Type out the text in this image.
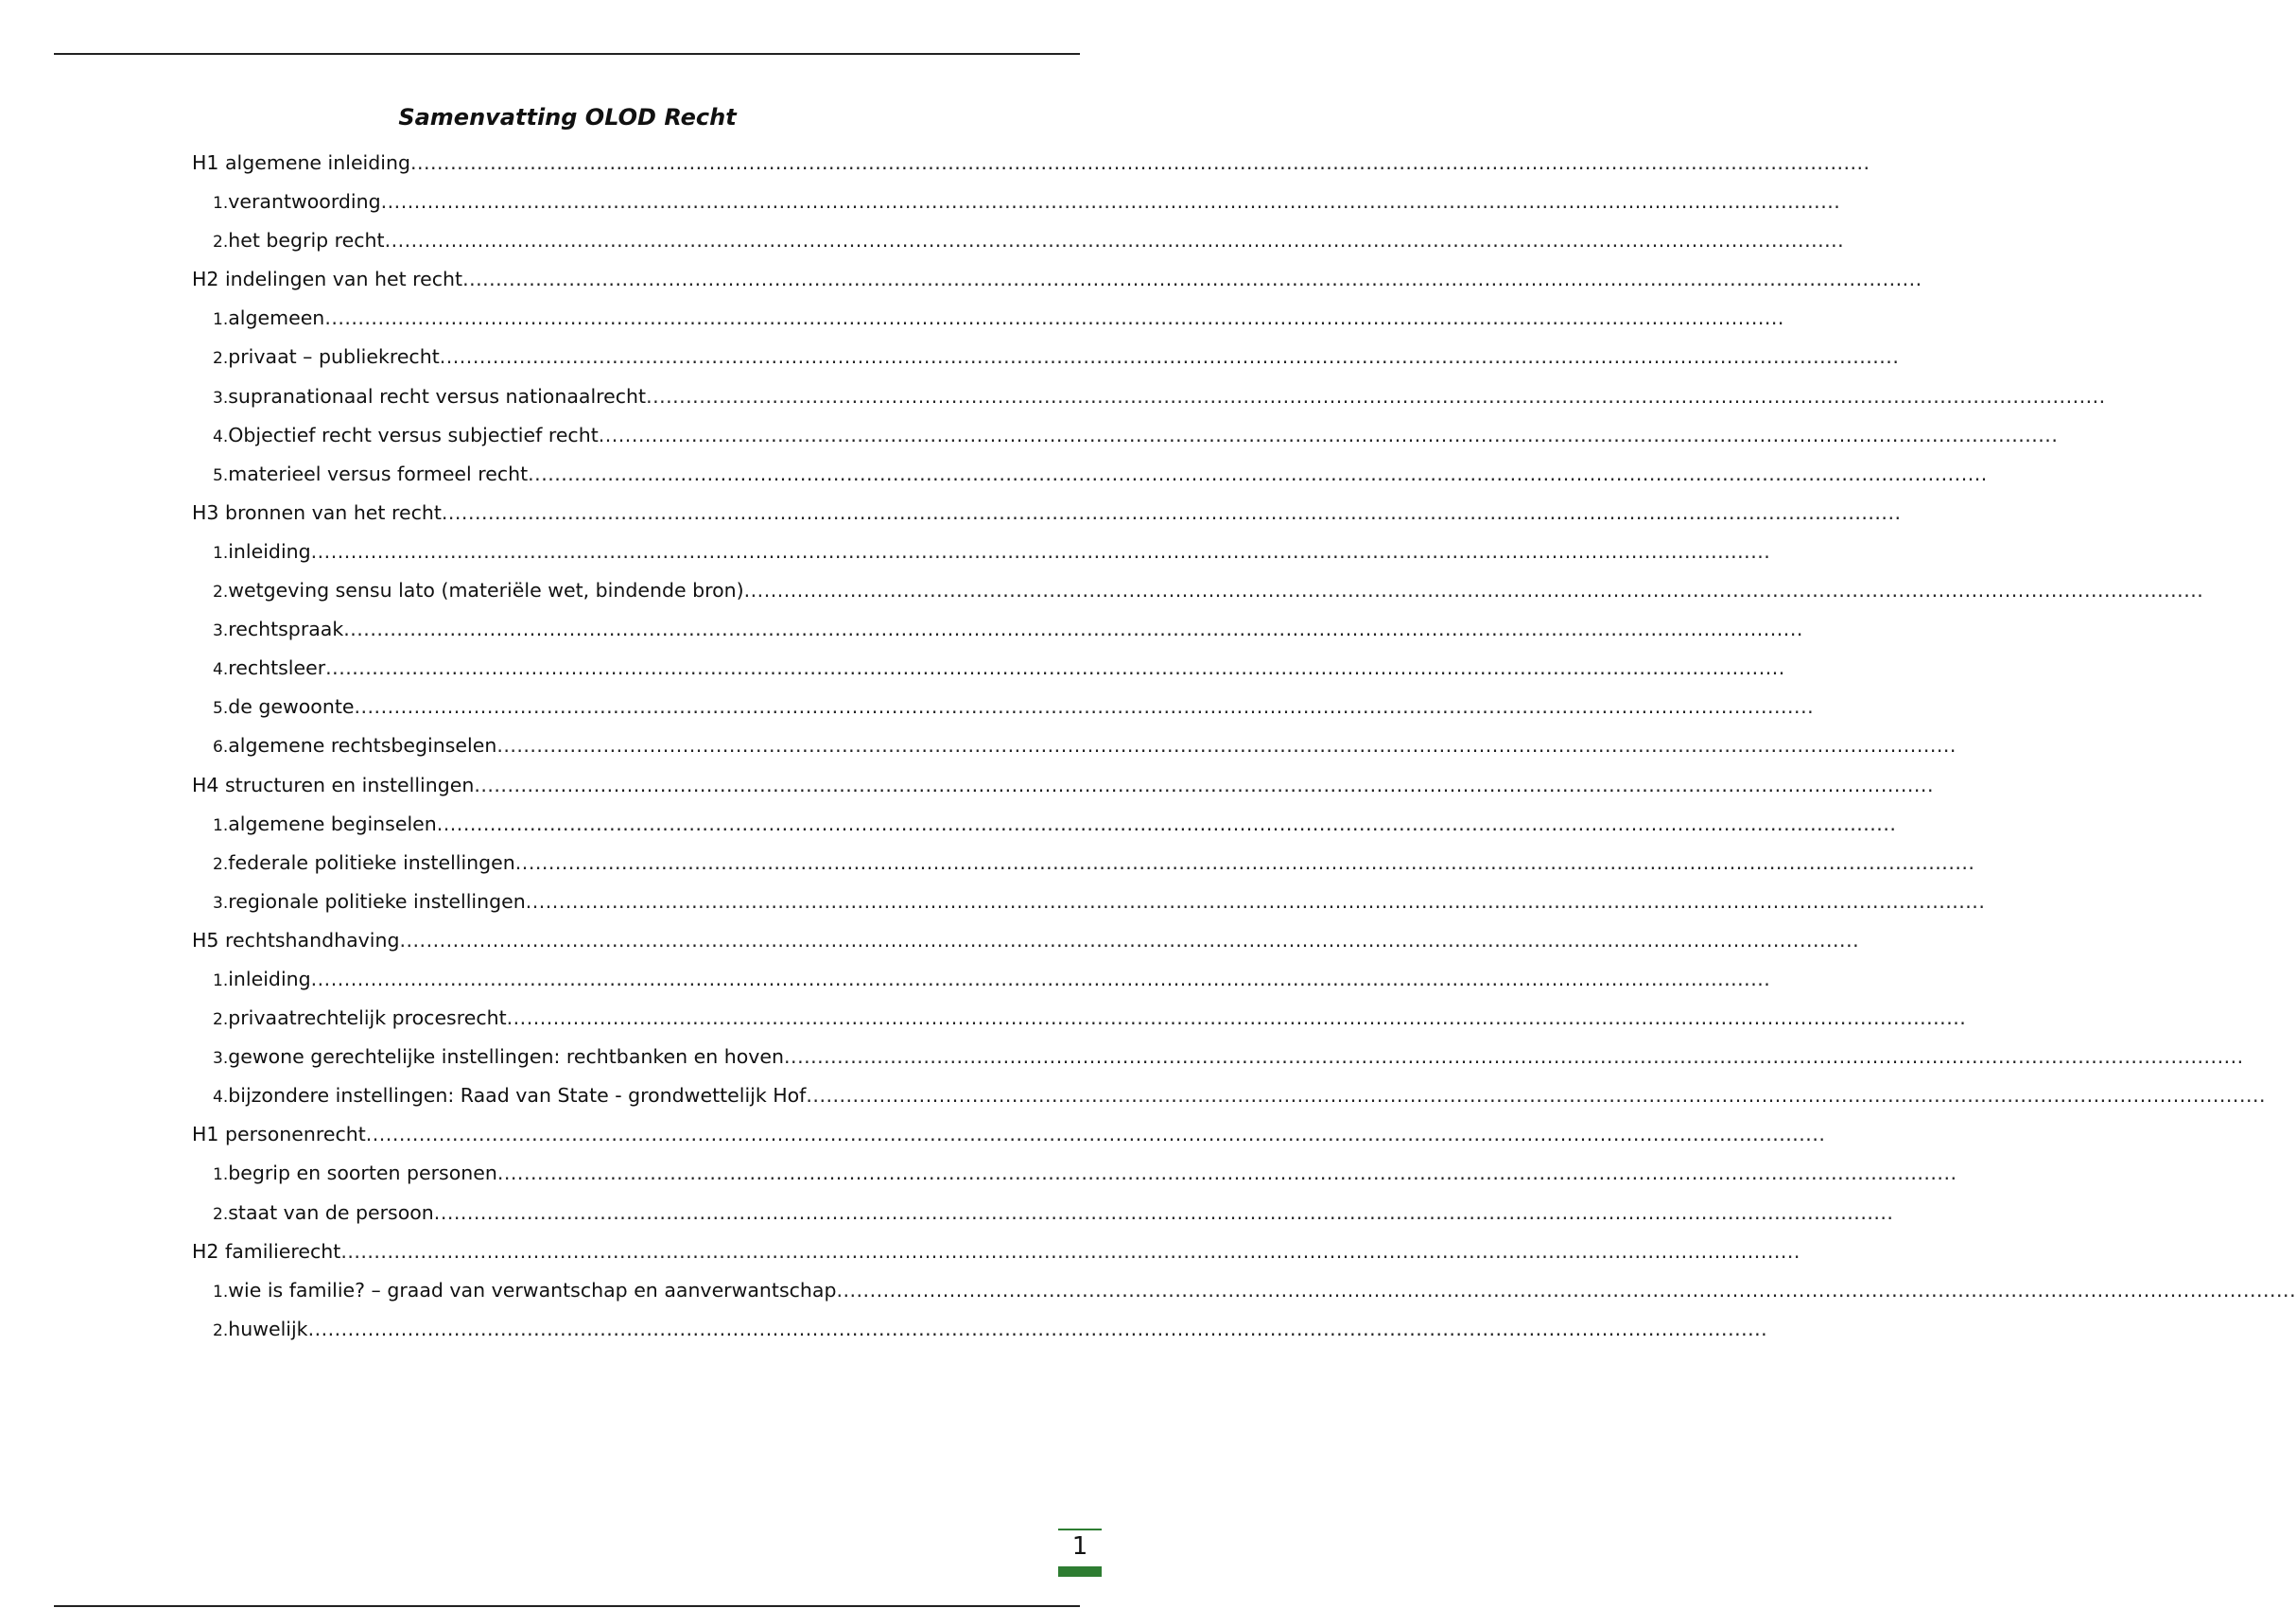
Samenvatting OLOD Recht
H1 algemene inleiding ............................................................................................................................................................................................................................
1. verantwoording ............................................................................................................................................................................................................................
2. het begrip recht ............................................................................................................................................................................................................................
H2 indelingen van het recht ............................................................................................................................................................................................................................
1. algemeen ............................................................................................................................................................................................................................
2. privaat – publiekrecht ............................................................................................................................................................................................................................
3. supranationaal recht versus nationaalrecht ............................................................................................................................................................................................................................
4. Objectief recht versus subjectief recht ............................................................................................................................................................................................................................
5. materieel versus formeel recht ............................................................................................................................................................................................................................
H3 bronnen van het recht ............................................................................................................................................................................................................................
1. inleiding ............................................................................................................................................................................................................................
2. wetgeving sensu lato (materiële wet, bindende bron) ............................................................................................................................................................................................................................
3. rechtspraak ............................................................................................................................................................................................................................
4. rechtsleer ............................................................................................................................................................................................................................
5. de gewoonte ............................................................................................................................................................................................................................
6. algemene rechtsbeginselen ............................................................................................................................................................................................................................
H4 structuren en instellingen ............................................................................................................................................................................................................................
1. algemene beginselen ............................................................................................................................................................................................................................
2. federale politieke instellingen ............................................................................................................................................................................................................................
3. regionale politieke instellingen ............................................................................................................................................................................................................................
H5 rechtshandhaving ............................................................................................................................................................................................................................
1. inleiding ............................................................................................................................................................................................................................
2. privaatrechtelijk procesrecht ............................................................................................................................................................................................................................
3. gewone gerechtelijke instellingen: rechtbanken en hoven ............................................................................................................................................................................................................................
4. bijzondere instellingen: Raad van State - grondwettelijk Hof ............................................................................................................................................................................................................................
H1 personenrecht ............................................................................................................................................................................................................................
1. begrip en soorten personen ............................................................................................................................................................................................................................
2. staat van de persoon ............................................................................................................................................................................................................................
H2 familierecht ............................................................................................................................................................................................................................
1. wie is familie? – graad van verwantschap en aanverwantschap ............................................................................................................................................................................................................................
2. huwelijk ............................................................................................................................................................................................................................
1
